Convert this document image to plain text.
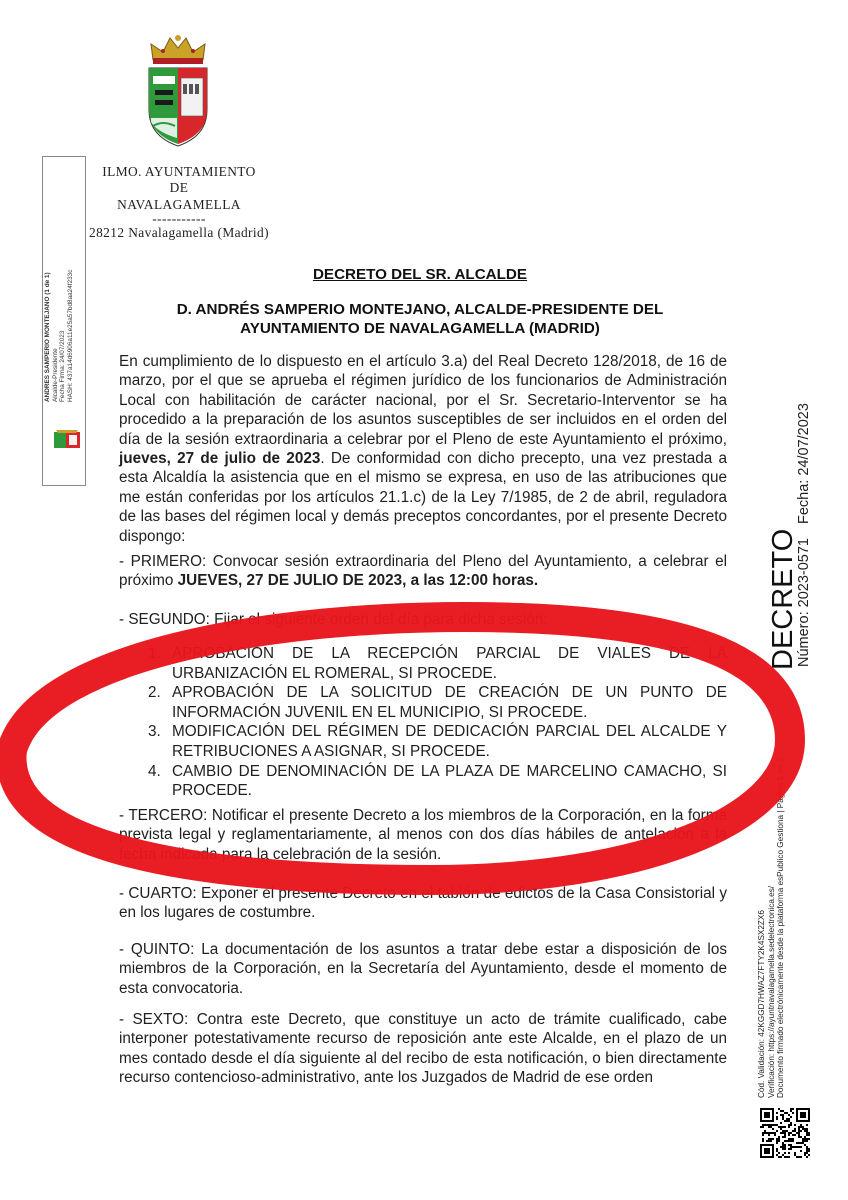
ILMO. AYUNTAMIENTO
DE
NAVALAGAMELLA
-----------
28212 Navalagamella (Madrid)
ANDRES SAMPERIO MONTEJANO (1 de 1) Alcalde-Presidente Fecha Firma: 24/07/2023 HASH: 437a14d6906a11e25a57bd8aa24f233c
DECRETO
Número: 2023-0571Fecha: 24/07/2023
Cód. Validación: 42KGGD7HWAZ7FTY2K4SX2ZX6 Verificación: https://ayuntnavalagamella.sedelectronica.es/ Documento firmado electrónicamente desde la plataforma esPublico Gestiona | Página 1 de 2
DECRETO DEL SR. ALCALDE
D. ANDRÉS SAMPERIO MONTEJANO, ALCALDE-PRESIDENTE DEL
AYUNTAMIENTO DE NAVALAGAMELLA (MADRID)
En cumplimiento de lo dispuesto en el artículo 3.a) del Real Decreto 128/2018, de 16 de marzo, por el que se aprueba el régimen jurídico de los funcionarios de Administración Local con habilitación de carácter nacional, por el Sr. Secretario-Interventor se ha procedido a la preparación de los asuntos susceptibles de ser incluidos en el orden del día de la sesión extraordinaria a celebrar por el Pleno de este Ayuntamiento el próximo, jueves, 27 de julio de 2023. De conformidad con dicho precepto, una vez prestada a esta Alcaldía la asistencia que en el mismo se expresa, en uso de las atribuciones que me están conferidas por los artículos 21.1.c) de la Ley 7/1985, de 2 de abril, reguladora de las bases del régimen local y demás preceptos concordantes, por el presente Decreto dispongo:
- PRIMERO: Convocar sesión extraordinaria del Pleno del Ayuntamiento, a celebrar el próximo JUEVES, 27 DE JULIO DE 2023, a las 12:00 horas.
- SEGUNDO: Fijar el siguiente orden del día para dicha sesión:
1. APROBACIÓN DE LA RECEPCIÓN PARCIAL DE VIALES DE LA URBANIZACIÓN EL ROMERAL, SI PROCEDE.
2. APROBACIÓN DE LA SOLICITUD DE CREACIÓN DE UN PUNTO DE INFORMACIÓN JUVENIL EN EL MUNICIPIO, SI PROCEDE.
3. MODIFICACIÓN DEL RÉGIMEN DE DEDICACIÓN PARCIAL DEL ALCALDE Y RETRIBUCIONES A ASIGNAR, SI PROCEDE.
4. CAMBIO DE DENOMINACIÓN DE LA PLAZA DE MARCELINO CAMACHO, SI PROCEDE.
- TERCERO: Notificar el presente Decreto a los miembros de la Corporación, en la forma prevista legal y reglamentariamente, al menos con dos días hábiles de antelación a la fecha indicada para la celebración de la sesión.
- CUARTO: Exponer el presente Decreto en el tablón de edictos de la Casa Consistorial y en los lugares de costumbre.
- QUINTO: La documentación de los asuntos a tratar debe estar a disposición de los miembros de la Corporación, en la Secretaría del Ayuntamiento, desde el momento de esta convocatoria.
- SEXTO: Contra este Decreto, que constituye un acto de trámite cualificado, cabe interponer potestativamente recurso de reposición ante este Alcalde, en el plazo de un mes contado desde el día siguiente al del recibo de esta notificación, o bien directamente recurso contencioso-administrativo, ante los Juzgados de Madrid de ese orden
